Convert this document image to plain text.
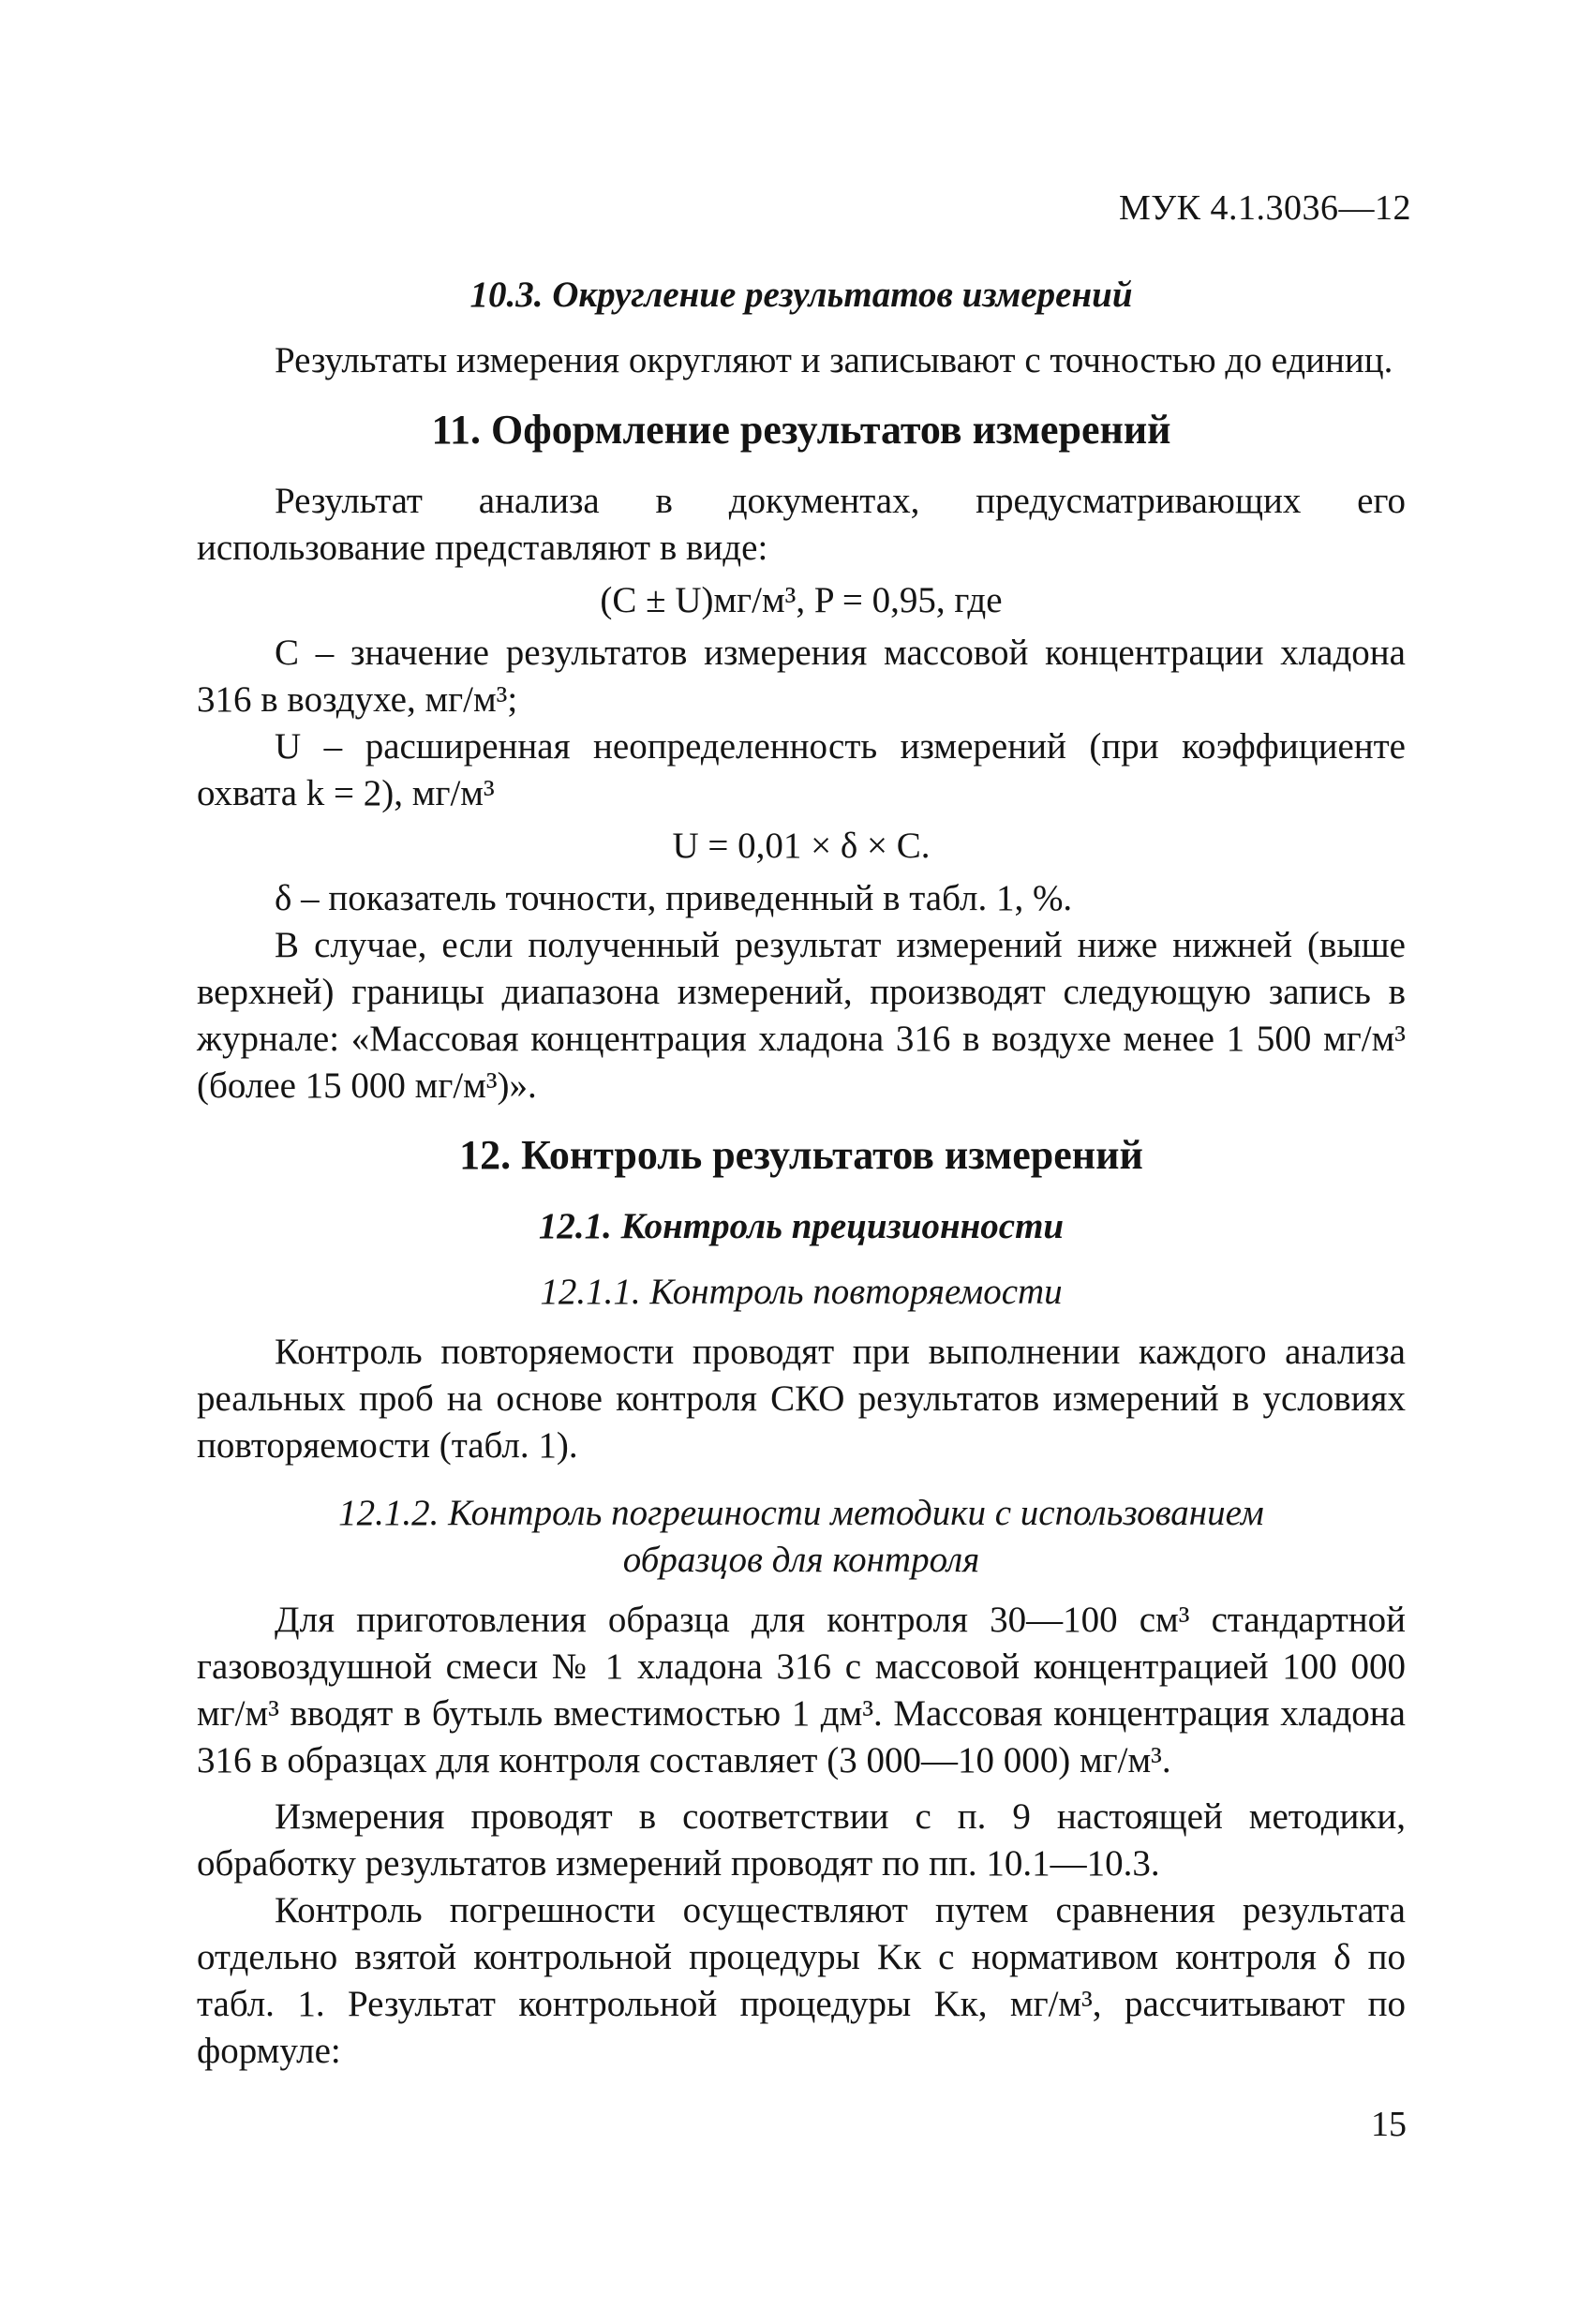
МУК 4.1.3036—12
10.3. Округление результатов измерений

Результаты измерения округляют и записывают с точностью до единиц.

11. Оформление результатов измерений

Результат анализа в документах, предусматривающих его использование представляют в виде:

(C ± U)мг/м³, P = 0,95, где

C – значение результатов измерения массовой концентрации хладона 316 в воздухе, мг/м³;

U – расширенная неопределенность измерений (при коэффициенте охвата k = 2), мг/м³

U = 0,01 × δ × C.

δ – показатель точности, приведенный в табл. 1, %.

В случае, если полученный результат измерений ниже нижней (выше верхней) границы диапазона измерений, производят следующую запись в журнале: «Массовая концентрация хладона 316 в воздухе менее 1 500 мг/м³ (более 15 000 мг/м³)».

12. Контроль результатов измерений
12.1. Контроль прецизионности
12.1.1. Контроль повторяемости

Контроль повторяемости проводят при выполнении каждого анализа реальных проб на основе контроля СКО результатов измерений в условиях повторяемости (табл. 1).

12.1.2. Контроль погрешности методики с использованием
образцов для контроля

Для приготовления образца для контроля 30—100 см³ стандартной газовоздушной смеси № 1 хладона 316 с массовой концентрацией 100 000 мг/м³ вводят в бутыль вместимостью 1 дм³. Массовая концентрация хладона 316 в образцах для контроля составляет (3 000—10 000) мг/м³.

Измерения проводят в соответствии с п. 9 настоящей методики, обработку результатов измерений проводят по пп. 10.1—10.3.

Контроль погрешности осуществляют путем сравнения результата отдельно взятой контрольной процедуры Kк с нормативом контроля δ по табл. 1. Результат контрольной процедуры Kк, мг/м³, рассчитывают по формуле:

15
